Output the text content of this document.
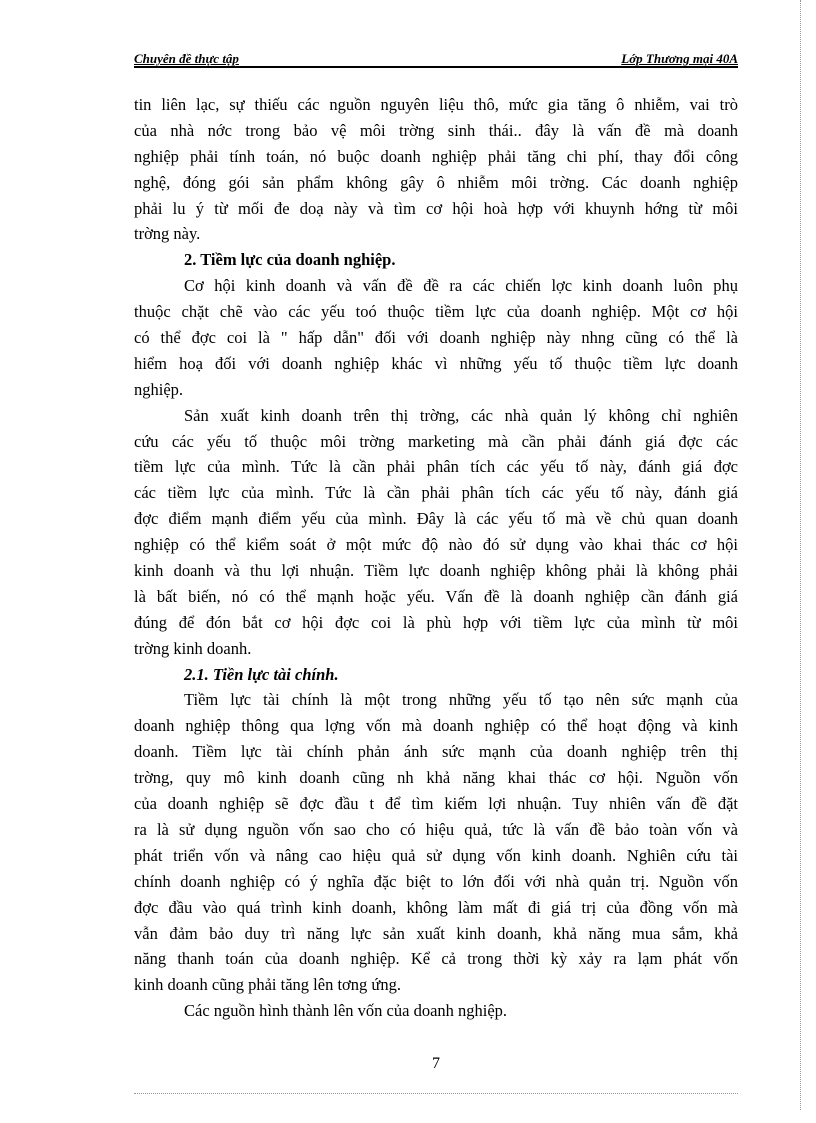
Chuyên đề thực tập	Lớp Thương mại 40A
tin liên lạc, sự thiếu các nguồn nguyên liệu thô, mức gia tăng ô nhiễm, vai trò
của nhà nớc trong bảo vệ môi trờng sinh thái.. đây là vấn đề mà doanh
nghiệp phải tính toán, nó buộc doanh nghiệp phải tăng chi phí, thay đổi công
nghệ, đóng gói sản phẩm không gây ô nhiễm môi trờng. Các doanh nghiệp
phải lu ý từ mối đe doạ này và tìm cơ hội hoà hợp với khuynh hớng từ môi
trờng này.
2. Tiềm lực của doanh nghiệp.
Cơ hội kinh doanh và vấn đề đề ra các chiến lợc kinh doanh luôn phụ
thuộc chặt chẽ vào các yếu toó thuộc tiềm lực của doanh nghiệp. Một cơ hội
có thể đợc coi là " hấp dẫn" đối với doanh nghiệp này nhng cũng có thể là
hiểm hoạ đối với doanh nghiệp khác vì những yếu tố thuộc tiềm lực doanh
nghiệp.
Sản xuất kinh doanh trên thị trờng, các nhà quản lý không chỉ nghiên
cứu các yếu tố thuộc môi trờng marketing mà cần phải đánh giá đợc các
tiềm lực của mình. Tức là cần phải phân tích các yếu tố này, đánh giá đợc
các tiềm lực của mình. Tức là cần phải phân tích các yếu tố này, đánh giá
đợc điểm mạnh điểm yếu của mình. Đây là các yếu tố mà về chủ quan doanh
nghiệp có thể kiểm soát ở một mức độ nào đó sử dụng vào khai thác cơ hội
kinh doanh và thu lợi nhuận. Tiềm lực doanh nghiệp không phải là không phải
là bất biến, nó có thể mạnh hoặc yếu. Vấn đề là doanh nghiệp cần đánh giá
đúng để đón bắt cơ hội đợc coi là phù hợp với tiềm lực của mình từ môi
trờng kinh doanh.
2.1. Tiền lực tài chính.
Tiềm lực tài chính là một trong những yếu tố tạo nên sức mạnh của
doanh nghiệp thông qua lợng vốn mà doanh nghiệp có thể hoạt động và kinh
doanh. Tiềm lực tài chính phản ánh sức mạnh của doanh nghiệp trên thị
trờng, quy mô kinh doanh cũng nh khả năng khai thác cơ hội. Nguồn vốn
của doanh nghiệp sẽ đợc đầu t để tìm kiếm lợi nhuận. Tuy nhiên vấn đề đặt
ra là sử dụng nguồn vốn sao cho có hiệu quả, tức là vấn đề bảo toàn vốn và
phát triển vốn và nâng cao hiệu quả sử dụng vốn kinh doanh. Nghiên cứu tài
chính doanh nghiệp có ý nghĩa đặc biệt to lớn đối với nhà quản trị. Nguồn vốn
đợc đầu vào quá trình kinh doanh, không làm mất đi giá trị của đồng vốn mà
vẫn đảm bảo duy trì năng lực sản xuất kinh doanh, khả năng mua sắm, khả
năng thanh toán của doanh nghiệp. Kể cả trong thời kỳ xảy ra lạm phát vốn
kinh doanh cũng phải tăng lên tơng ứng.
Các nguồn hình thành lên vốn của doanh nghiệp.
7
